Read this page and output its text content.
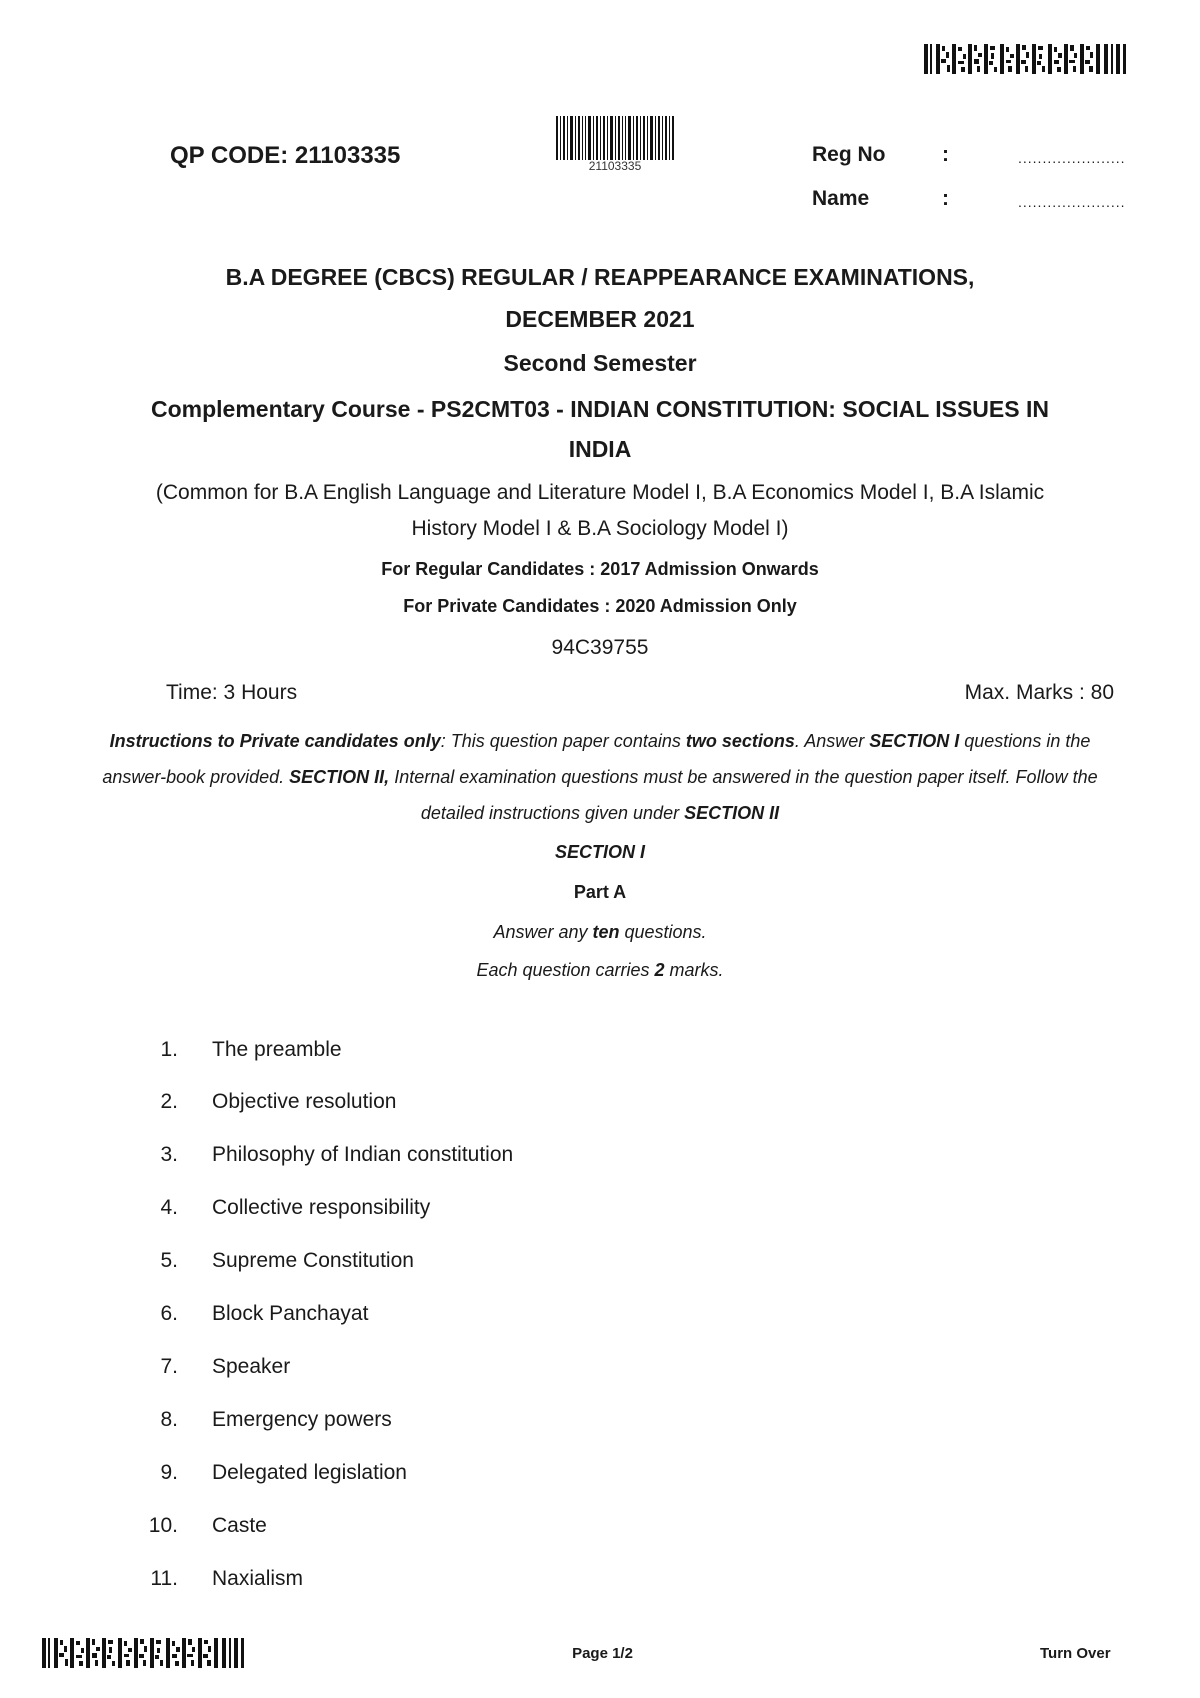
QP CODE: 21103335	21103335	Reg No	:	......................
Name	:	......................
B.A DEGREE (CBCS) REGULAR / REAPPEARANCE EXAMINATIONS,
DECEMBER 2021
Second Semester
Complementary Course - PS2CMT03 - INDIAN CONSTITUTION: SOCIAL ISSUES IN
INDIA
(Common for B.A English Language and Literature Model I, B.A Economics Model I, B.A Islamic
History Model I & B.A Sociology Model I)
For Regular Candidates : 2017 Admission Onwards
For Private Candidates : 2020 Admission Only
94C39755
Time: 3 Hours	Max. Marks : 80
Instructions to Private candidates only: This question paper contains two sections. Answer SECTION I questions in the answer-book provided. SECTION II, Internal examination questions must be answered in the question paper itself. Follow the detailed instructions given under SECTION II
SECTION I
Part A
Answer any ten questions.
Each question carries 2 marks.
1. The preamble
2. Objective resolution
3. Philosophy of Indian constitution
4. Collective responsibility
5. Supreme Constitution
6. Block Panchayat
7. Speaker
8. Emergency powers
9. Delegated legislation
10. Caste
11. Naxialism
Page 1/2	Turn Over
